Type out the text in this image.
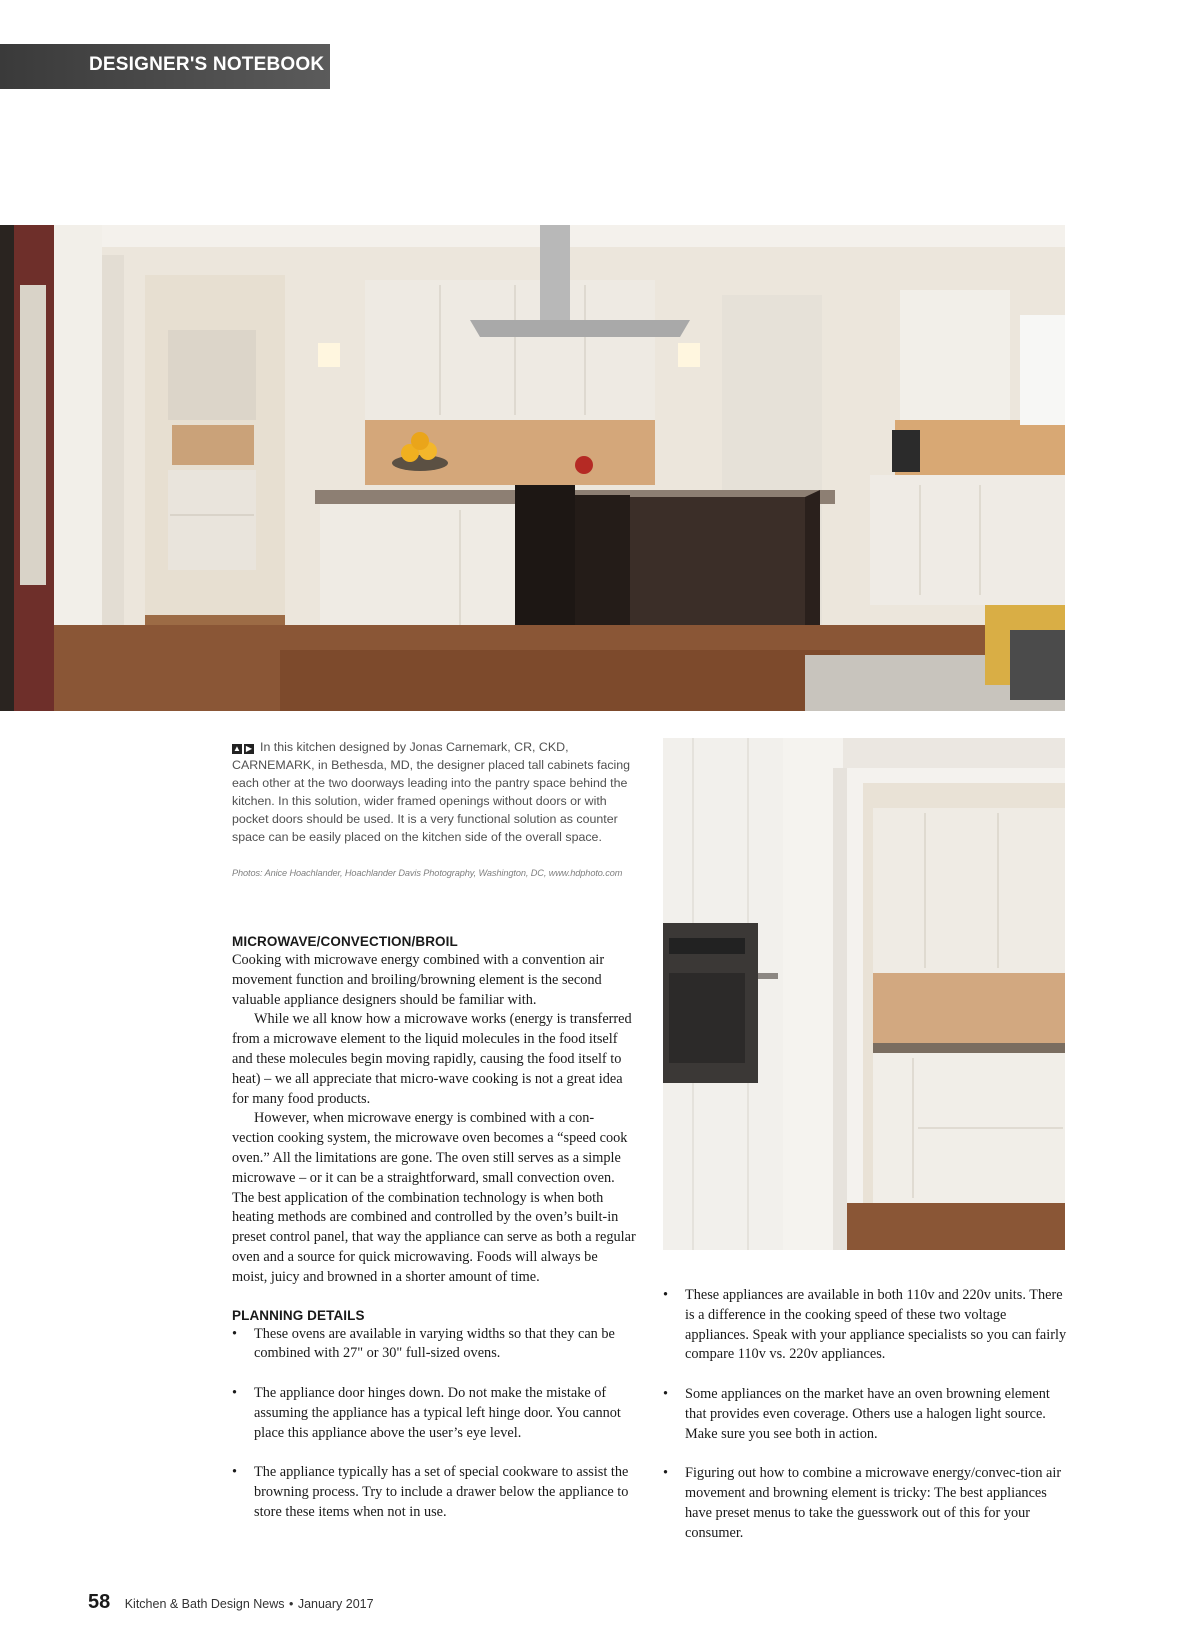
DESIGNER'S NOTEBOOK
▲ ▶ In this kitchen designed by Jonas Carnemark, CR, CKD, CARNEMARK, in Bethesda, MD, the designer placed tall cabinets facing each other at the two doorways leading into the pantry space behind the kitchen. In this solution, wider framed openings without doors or with pocket doors should be used. It is a very functional solution as counter space can be easily placed on the kitchen side of the overall space.
Photos: Anice Hoachlander, Hoachlander Davis Photography, Washington, DC, www.hdphoto.com
MICROWAVE/CONVECTION/BROIL

Cooking with microwave energy combined with a convention air movement function and broiling/browning element is the second valuable appliance designers should be familiar with.

While we all know how a microwave works (energy is transferred from a microwave element to the liquid molecules in the food itself and these molecules begin moving rapidly, causing the food itself to heat) – we all appreciate that micro-wave cooking is not a great idea for many food products.

However, when microwave energy is combined with a con-vection cooking system, the microwave oven becomes a “speed cook oven.” All the limitations are gone. The oven still serves as a simple microwave – or it can be a straightforward, small convection oven. The best application of the combination technology is when both heating methods are combined and controlled by the oven’s built-in preset control panel, that way the appliance can serve as both a regular oven and a source for quick microwaving. Foods will always be moist, juicy and browned in a shorter amount of time.

PLANNING DETAILS
• These ovens are available in varying widths so that they can be combined with 27" or 30" full-sized ovens.
• The appliance door hinges down. Do not make the mistake of assuming the appliance has a typical left hinge door. You cannot place this appliance above the user’s eye level.
• The appliance typically has a set of special cookware to assist the browning process. Try to include a drawer below the appliance to store these items when not in use.
• These appliances are available in both 110v and 220v units. There is a difference in the cooking speed of these two voltage appliances. Speak with your appliance specialists so you can fairly compare 110v vs. 220v appliances.
• Some appliances on the market have an oven browning element that provides even coverage. Others use a halogen light source. Make sure you see both in action.
• Figuring out how to combine a microwave energy/convec-tion air movement and browning element is tricky: The best appliances have preset menus to take the guesswork out of this for your consumer.
58 Kitchen & Bath Design News • January 2017
